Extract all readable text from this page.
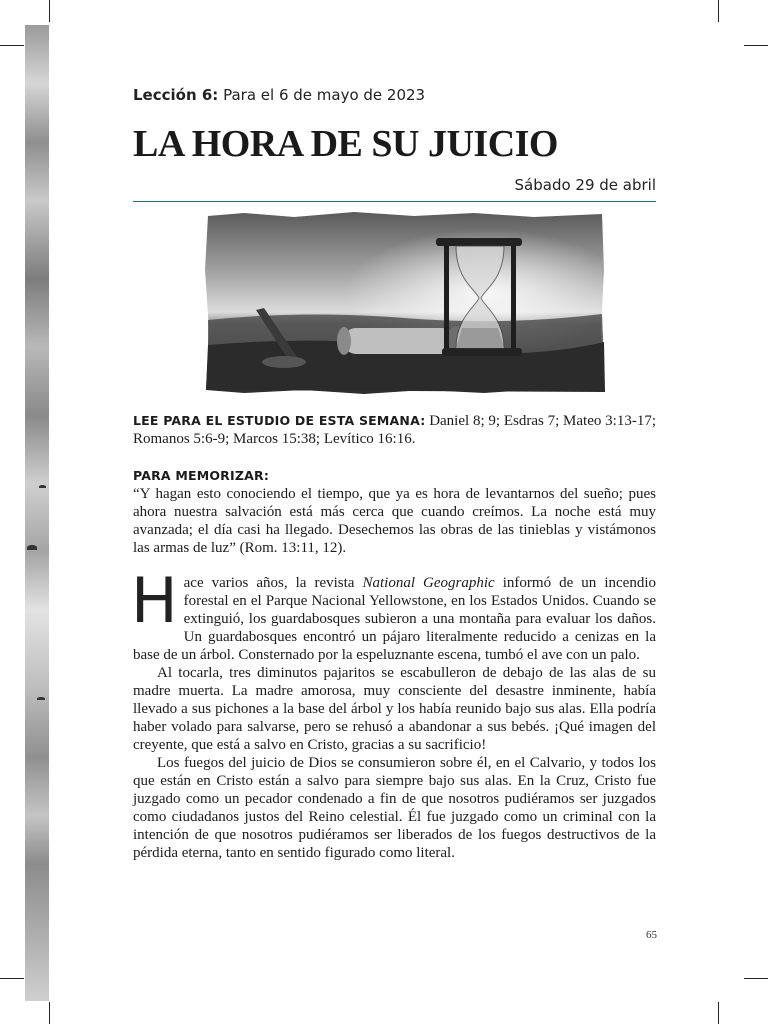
Lección 6: Para el 6 de mayo de 2023
LA HORA DE SU JUICIO
Sábado 29 de abril
LEE PARA EL ESTUDIO DE ESTA SEMANA: Daniel 8; 9; Esdras 7; Mateo 3:13-17; Romanos 5:6-9; Marcos 15:38; Levítico 16:16.
PARA MEMORIZAR:
“Y hagan esto conociendo el tiempo, que ya es hora de levantarnos del sueño; pues ahora nuestra salvación está más cerca que cuando creímos. La noche está muy avanzada; el día casi ha llegado. Desechemos las obras de las tinieblas y vistámonos las armas de luz” (Rom. 13:11, 12).

Hace varios años, la revista National Geographic informó de un incendio forestal en el Parque Nacional Yellowstone, en los Estados Unidos. Cuando se extinguió, los guardabosques subieron a una montaña para evaluar los daños. Un guardabosques encontró un pájaro literalmente reducido a cenizas en la base de un árbol. Consternado por la espeluznante escena, tumbó el ave con un palo.

Al tocarla, tres diminutos pajaritos se escabulleron de debajo de las alas de su madre muerta. La madre amorosa, muy consciente del desastre inminente, había llevado a sus pichones a la base del árbol y los había reunido bajo sus alas. Ella podría haber volado para salvarse, pero se rehusó a abandonar a sus bebés. ¡Qué imagen del creyente, que está a salvo en Cristo, gracias a su sacrificio!

Los fuegos del juicio de Dios se consumieron sobre él, en el Calvario, y todos los que están en Cristo están a salvo para siempre bajo sus alas. En la Cruz, Cristo fue juzgado como un pecador condenado a fin de que nosotros pudiéramos ser juzgados como ciudadanos justos del Reino celestial. Él fue juzgado como un criminal con la intención de que nosotros pudiéramos ser liberados de los fuegos destructivos de la pérdida eterna, tanto en sentido figurado como literal.

65
